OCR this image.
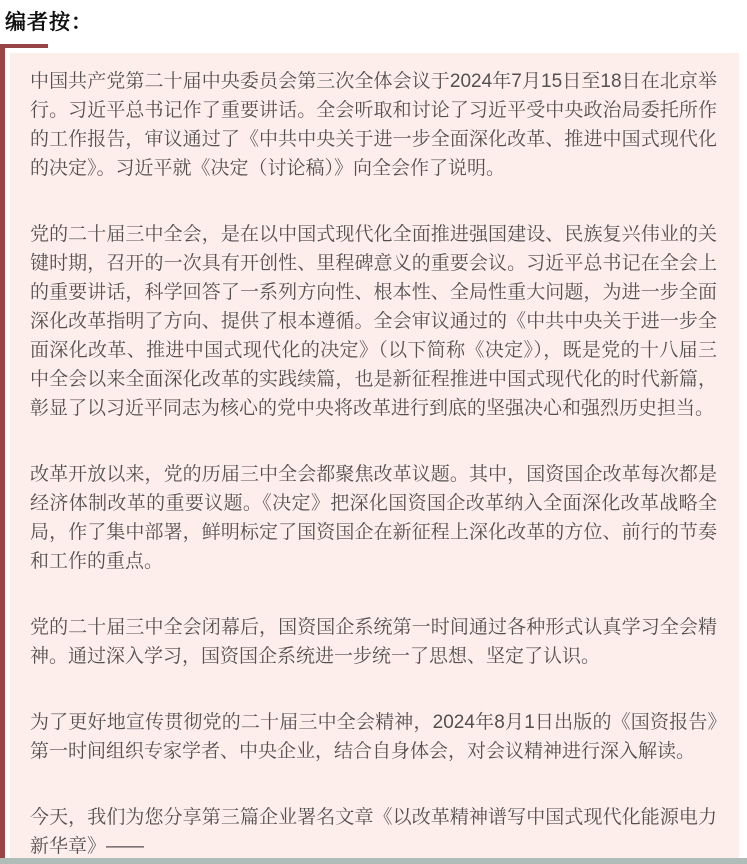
编者按：

中国共产党第二十届中央委员会第三次全体会议于2024年7月15日至18日在北京举行。习近平总书记作了重要讲话。全会听取和讨论了习近平受中央政治局委托所作的工作报告，审议通过了《中共中央关于进一步全面深化改革、推进中国式现代化的决定》。习近平就《决定（讨论稿）》向全会作了说明。

党的二十届三中全会，是在以中国式现代化全面推进强国建设、民族复兴伟业的关键时期，召开的一次具有开创性、里程碑意义的重要会议。习近平总书记在全会上的重要讲话，科学回答了一系列方向性、根本性、全局性重大问题，为进一步全面深化改革指明了方向、提供了根本遵循。全会审议通过的《中共中央关于进一步全面深化改革、推进中国式现代化的决定》（以下简称《决定》），既是党的十八届三中全会以来全面深化改革的实践续篇，也是新征程推进中国式现代化的时代新篇，彰显了以习近平同志为核心的党中央将改革进行到底的坚强决心和强烈历史担当。

改革开放以来，党的历届三中全会都聚焦改革议题。其中，国资国企改革每次都是经济体制改革的重要议题。《决定》把深化国资国企改革纳入全面深化改革战略全局，作了集中部署，鲜明标定了国资国企在新征程上深化改革的方位、前行的节奏和工作的重点。

党的二十届三中全会闭幕后，国资国企系统第一时间通过各种形式认真学习全会精神。通过深入学习，国资国企系统进一步统一了思想、坚定了认识。

为了更好地宣传贯彻党的二十届三中全会精神，2024年8月1日出版的《国资报告》第一时间组织专家学者、中央企业，结合自身体会，对会议精神进行深入解读。

今天，我们为您分享第三篇企业署名文章《以改革精神谱写中国式现代化能源电力新华章》——
